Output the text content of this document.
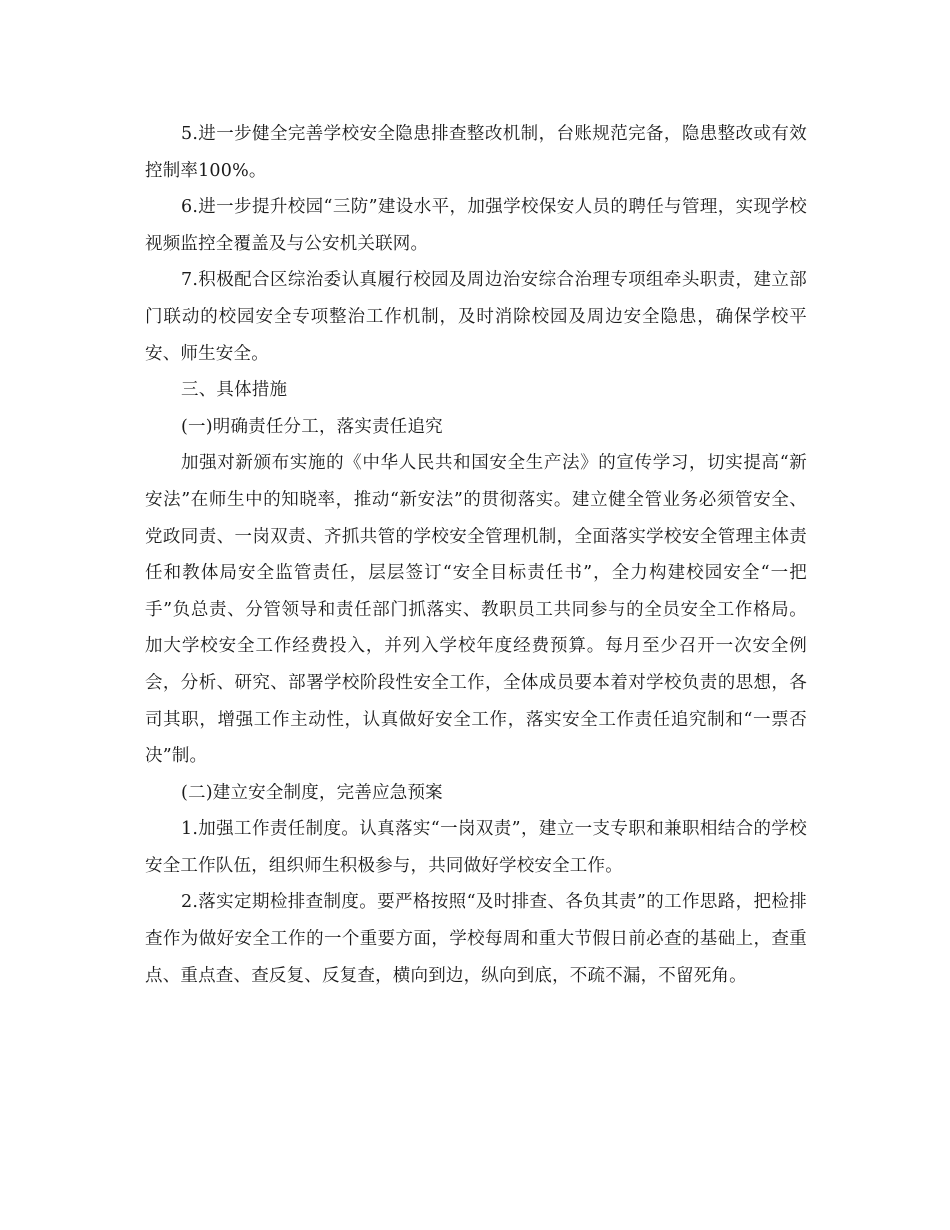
5.进一步健全完善学校安全隐患排查整改机制，台账规范完备，隐患整改或有效控制率100%。

6.进一步提升校园“三防”建设水平，加强学校保安人员的聘任与管理，实现学校视频监控全覆盖及与公安机关联网。

7.积极配合区综治委认真履行校园及周边治安综合治理专项组牵头职责，建立部门联动的校园安全专项整治工作机制，及时消除校园及周边安全隐患，确保学校平安、师生安全。

三、具体措施

(一)明确责任分工，落实责任追究

加强对新颁布实施的《中华人民共和国安全生产法》的宣传学习，切实提高“新安法”在师生中的知晓率，推动“新安法”的贯彻落实。建立健全管业务必须管安全、党政同责、一岗双责、齐抓共管的学校安全管理机制，全面落实学校安全管理主体责任和教体局安全监管责任，层层签订“安全目标责任书”，全力构建校园安全“一把手”负总责、分管领导和责任部门抓落实、教职员工共同参与的全员安全工作格局。加大学校安全工作经费投入，并列入学校年度经费预算。每月至少召开一次安全例会，分析、研究、部署学校阶段性安全工作，全体成员要本着对学校负责的思想，各司其职，增强工作主动性，认真做好安全工作，落实安全工作责任追究制和“一票否决”制。

(二)建立安全制度，完善应急预案

1.加强工作责任制度。认真落实“一岗双责”，建立一支专职和兼职相结合的学校安全工作队伍，组织师生积极参与，共同做好学校安全工作。

2.落实定期检排查制度。要严格按照“及时排查、各负其责”的工作思路，把检排查作为做好安全工作的一个重要方面，学校每周和重大节假日前必查的基础上，查重点、重点查、查反复、反复查，横向到边，纵向到底，不疏不漏，不留死角。
